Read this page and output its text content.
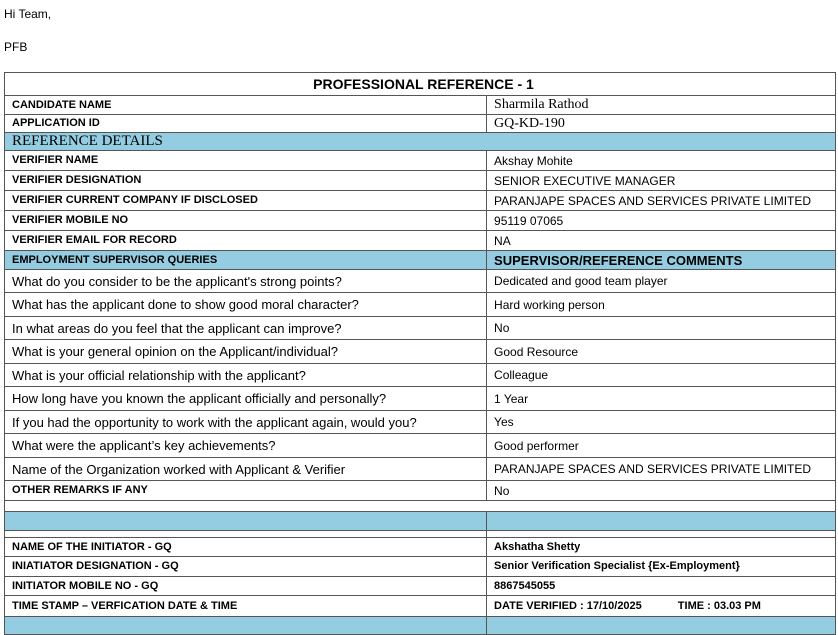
Hi Team,
PFB
PROFESSIONAL REFERENCE - 1	
CANDIDATE NAME	Sharmila Rathod
APPLICATION ID	GQ-KD-190
REFERENCE DETAILS	
VERIFIER NAME	Akshay Mohite
VERIFIER DESIGNATION	SENIOR EXECUTIVE MANAGER
VERIFIER CURRENT COMPANY IF DISCLOSED	PARANJAPE SPACES AND SERVICES PRIVATE LIMITED
VERIFIER MOBILE NO	95119 07065
VERIFIER EMAIL FOR RECORD	NA
EMPLOYMENT SUPERVISOR QUERIES	SUPERVISOR/REFERENCE COMMENTS
What do you consider to be the applicant's strong points?	Dedicated and good team player
What has the applicant done to show good moral character?	Hard working person
In what areas do you feel that the applicant can improve?	No
What is your general opinion on the Applicant/individual?	Good Resource
What is your official relationship with the applicant?	Colleague
How long have you known the applicant officially and personally?	1 Year
If you had the opportunity to work with the applicant again, would you?	Yes
What were the applicant’s key achievements?	Good performer
Name of the Organization worked with Applicant & Verifier	PARANJAPE SPACES AND SERVICES PRIVATE LIMITED
OTHER REMARKS IF ANY	No

NAME OF THE INITIATOR - GQ	Akshatha Shetty
INIATIATOR DESIGNATION - GQ	Senior Verification Specialist {Ex-Employment}
INITIATOR MOBILE NO - GQ	8867545055
TIME STAMP – VERFICATION DATE & TIME	DATE VERIFIED : 17/10/2025 TIME : 03.03 PM
